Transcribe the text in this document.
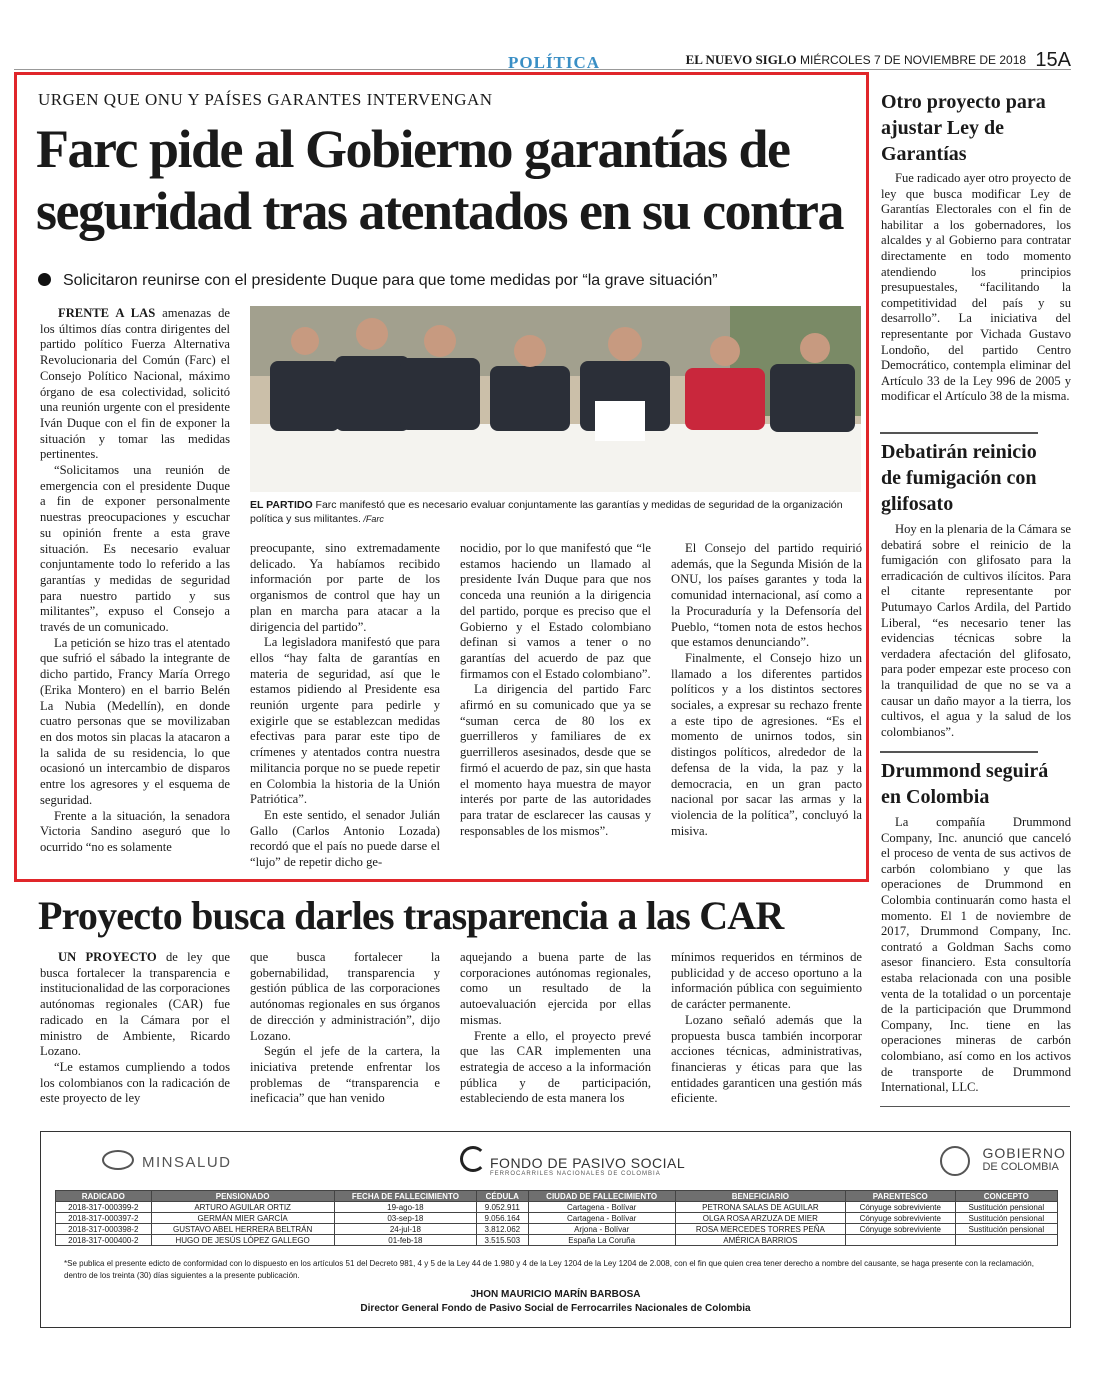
POLÍTICA	EL NUEVO SIGLO MIÉRCOLES 7 DE NOVIEMBRE DE 2018 15A
URGEN QUE ONU Y PAÍSES GARANTES INTERVENGAN
Farc pide al Gobierno garantías de
seguridad tras atentados en su contra
Solicitaron reunirse con el presidente Duque para que tome medidas por “la grave situación”
EL PARTIDO Farc manifestó que es necesario evaluar conjuntamente las garantías y medidas de seguridad de la organización política y sus militantes. /Farc

FRENTE A LAS amenazas de los últimos días contra dirigentes del partido político Fuerza Alternativa Revolucionaria del Común (Farc) el Consejo Político Nacional, máximo órgano de esa colectividad, solicitó una reunión urgente con el presidente Iván Duque con el fin de exponer la situación y tomar las medidas pertinentes.

“Solicitamos una reunión de emergencia con el presidente Duque a fin de exponer personalmente nuestras preocupaciones y escuchar su opinión frente a esta grave situación. Es necesario evaluar conjuntamente todo lo referido a las garantías y medidas de seguridad para nuestro partido y sus militantes”, expuso el Consejo a través de un comunicado.

La petición se hizo tras el atentado que sufrió el sábado la integrante de dicho partido, Francy María Orrego (Erika Montero) en el barrio Belén La Nubia (Medellín), en donde cuatro personas que se movilizaban en dos motos sin placas la atacaron a la salida de su residencia, lo que ocasionó un intercambio de disparos entre los agresores y el esquema de seguridad.

Frente a la situación, la senadora Victoria Sandino aseguró que lo ocurrido “no es solamente

preocupante, sino extremadamente delicado. Ya habíamos recibido información por parte de los organismos de control que hay un plan en marcha para atacar a la dirigencia del partido”.

La legisladora manifestó que para ellos “hay falta de garantías en materia de seguridad, así que le estamos pidiendo al Presidente esa reunión urgente para pedirle y exigirle que se establezcan medidas efectivas para parar este tipo de crímenes y atentados contra nuestra militancia porque no se puede repetir en Colombia la historia de la Unión Patriótica”.

En este sentido, el senador Julián Gallo (Carlos Antonio Lozada) recordó que el país no puede darse el “lujo” de repetir dicho ge-

nocidio, por lo que manifestó que “le estamos haciendo un llamado al presidente Iván Duque para que nos conceda una reunión a la dirigencia del partido, porque es preciso que el Gobierno y el Estado colombiano definan si vamos a tener o no garantías del acuerdo de paz que firmamos con el Estado colombiano”.

La dirigencia del partido Farc afirmó en su comunicado que ya se “suman cerca de 80 los ex guerrilleros y familiares de ex guerrilleros asesinados, desde que se firmó el acuerdo de paz, sin que hasta el momento haya muestra de mayor interés por parte de las autoridades para tratar de esclarecer las causas y responsables de los mismos”.

El Consejo del partido requirió además, que la Segunda Misión de la ONU, los países garantes y toda la comunidad internacional, así como a la Procuraduría y la Defensoría del Pueblo, “tomen nota de estos hechos que estamos denunciando”.

Finalmente, el Consejo hizo un llamado a los diferentes partidos políticos y a los distintos sectores sociales, a expresar su rechazo frente a este tipo de agresiones. “Es el momento de unirnos todos, sin distingos políticos, alrededor de la defensa de la vida, la paz y la democracia, en un gran pacto nacional por sacar las armas y la violencia de la política”, concluyó la misiva.

Otro proyecto para ajustar Ley de Garantías

Fue radicado ayer otro proyecto de ley que busca modificar Ley de Garantías Electorales con el fin de habilitar a los gobernadores, los alcaldes y al Gobierno para contratar directamente en todo momento atendiendo los principios presupuestales, “facilitando la competitividad del país y su desarrollo”. La iniciativa del representante por Vichada Gustavo Londoño, del partido Centro Democrático, contempla eliminar del Artículo 33 de la Ley 996 de 2005 y modificar el Artículo 38 de la misma.

Debatirán reinicio de fumigación con glifosato

Hoy en la plenaria de la Cámara se debatirá sobre el reinicio de la fumigación con glifosato para la erradicación de cultivos ilícitos. Para el citante representante por Putumayo Carlos Ardila, del Partido Liberal, “es necesario tener las evidencias técnicas sobre la verdadera afectación del glifosato, para poder empezar este proceso con la tranquilidad de que no se va a causar un daño mayor a la tierra, los cultivos, el agua y la salud de los colombianos”.

Drummond seguirá en Colombia

La compañía Drummond Company, Inc. anunció que canceló el proceso de venta de sus activos de carbón colombiano y que las operaciones de Drummond en Colombia continuarán como hasta el momento. El 1 de noviembre de 2017, Drummond Company, Inc. contrató a Goldman Sachs como asesor financiero. Esta consultoría estaba relacionada con una posible venta de la totalidad o un porcentaje de la participación que Drummond Company, Inc. tiene en las operaciones mineras de carbón colombiano, así como en los activos de transporte de Drummond International, LLC.

Proyecto busca darles trasparencia a las CAR

UN PROYECTO de ley que busca fortalecer la transparencia e institucionalidad de las corporaciones autónomas regionales (CAR) fue radicado en la Cámara por el ministro de Ambiente, Ricardo Lozano.

“Le estamos cumpliendo a todos los colombianos con la radicación de este proyecto de ley

que busca fortalecer la gobernabilidad, transparencia y gestión pública de las corporaciones autónomas regionales en sus órganos de dirección y administración”, dijo Lozano.

Según el jefe de la cartera, la iniciativa pretende enfrentar los problemas de “transparencia e ineficacia” que han venido

aquejando a buena parte de las corporaciones autónomas regionales, como un resultado de la autoevaluación ejercida por ellas mismas.

Frente a ello, el proyecto prevé que las CAR implementen una estrategia de acceso a la información pública y de participación, estableciendo de esta manera los

mínimos requeridos en términos de publicidad y de acceso oportuno a la información pública con seguimiento de carácter permanente.

Lozano señaló además que la propuesta busca también incorporar acciones técnicas, administrativas, financieras y éticas para que las entidades garanticen una gestión más eficiente.

MINSALUD	FONDO DE PASIVO SOCIAL
FERROCARRILES NACIONALES DE COLOMBIA

GOBIERNO
DE COLOMBIA
RADICADO	PENSIONADO	FECHA DE FALLECIMIENTO	CÉDULA	CIUDAD DE FALLECIMIENTO	BENEFICIARIO	PARENTESCO	CONCEPTO
2018-317-000399-2	ARTURO AGUILAR ORTIZ	19-ago-18	9.052.911	Cartagena - Bolívar	PETRONA SALAS DE AGUILAR	Cónyuge sobreviviente	Sustitución pensional
2018-317-000397-2	GERMÁN MIER GARCÍA	03-sep-18	9.056.164	Cartagena - Bolívar	OLGA ROSA ARZUZA DE MIER	Cónyuge sobreviviente	Sustitución pensional
2018-317-000398-2	GUSTAVO ABEL HERRERA BELTRÁN	24-jul-18	3.812.062	Arjona - Bolívar	ROSA MERCEDES TORRES PEÑA	Cónyuge sobreviviente	Sustitución pensional
2018-317-000400-2	HUGO DE JESÚS LÓPEZ GALLEGO	01-feb-18	3.515.503	España La Coruña	AMÉRICA BARRIOS		
*Se publica el presente edicto de conformidad con lo dispuesto en los artículos 51 del Decreto 981, 4 y 5 de la Ley 44 de 1.980 y 4 de la Ley 1204 de la Ley 1204 de 2.008, con el fin que quien crea tener derecho a nombre del causante, se haga presente con la reclamación, dentro de los treinta (30) días siguientes a la presente publicación.
JHON MAURICIO MARÍN BARBOSA
Director General Fondo de Pasivo Social de Ferrocarriles Nacionales de Colombia
